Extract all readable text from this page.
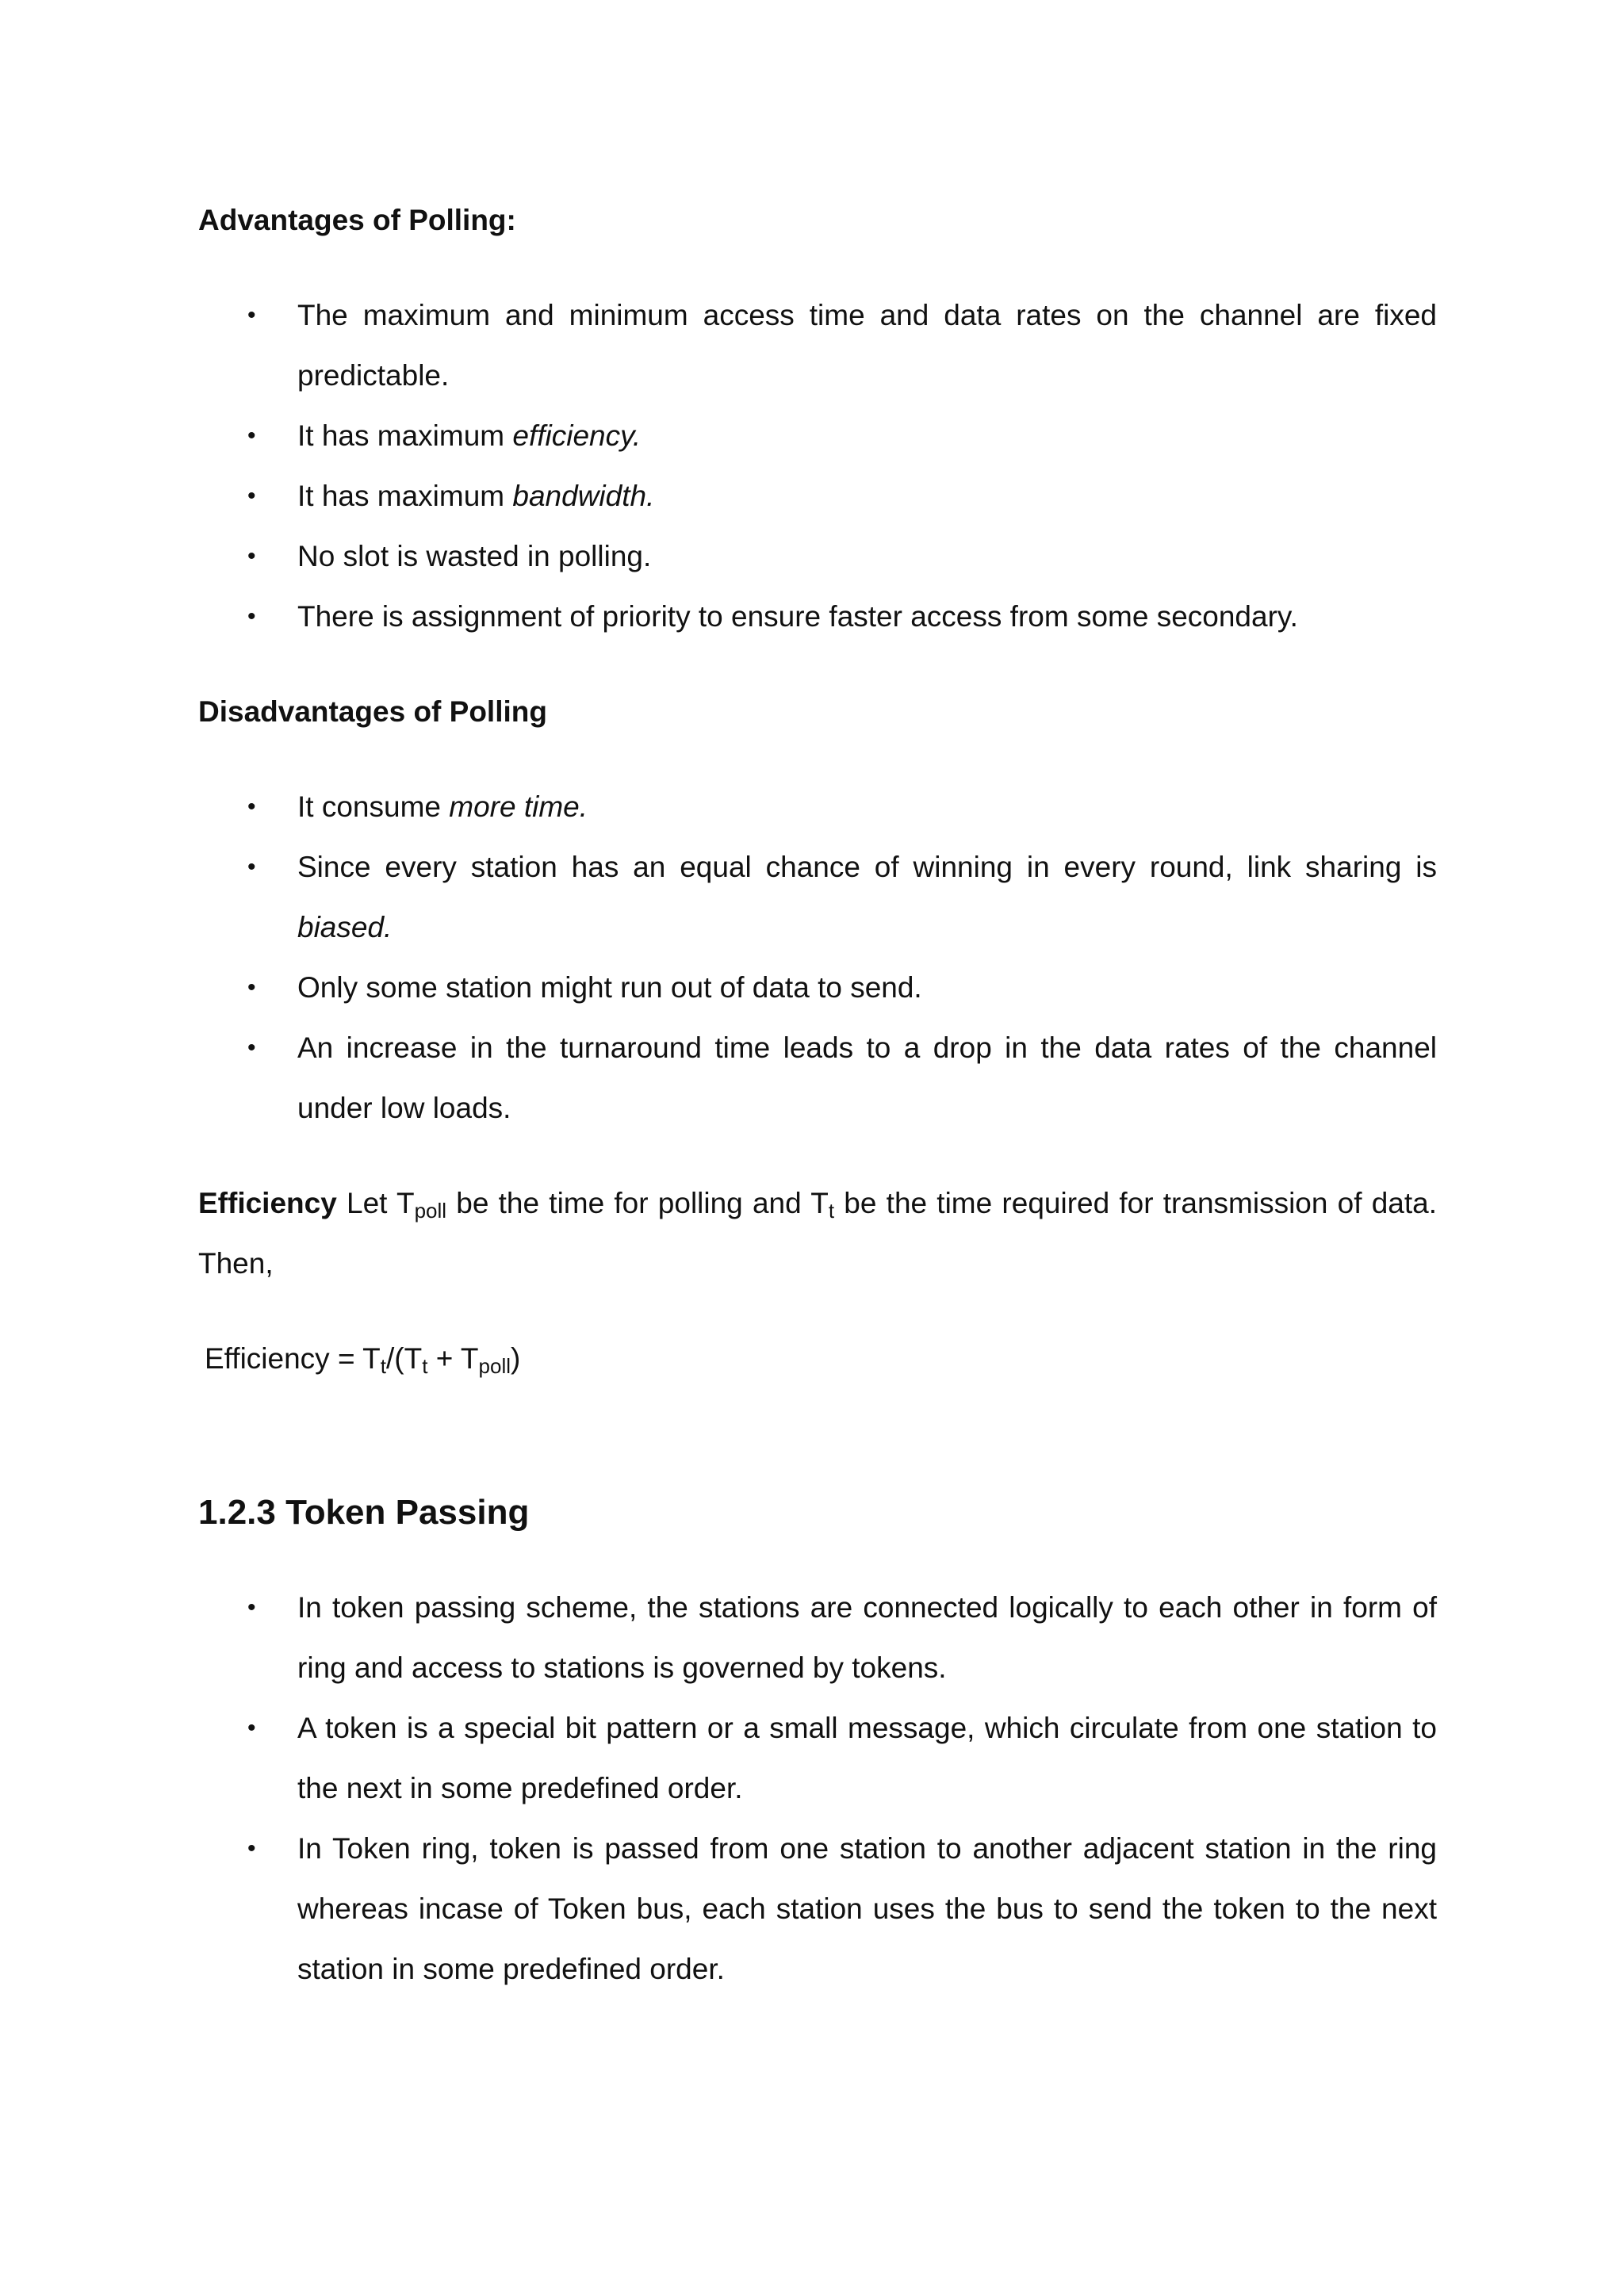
Advantages of Polling:
• The maximum and minimum access time and data rates on the channel are fixed predictable.
• It has maximum efficiency.
• It has maximum bandwidth.
• No slot is wasted in polling.
• There is assignment of priority to ensure faster access from some secondary.
Disadvantages of Polling
• It consume more time.
• Since every station has an equal chance of winning in every round, link sharing is biased.
• Only some station might run out of data to send.
• An increase in the turnaround time leads to a drop in the data rates of the channel under low loads.

Efficiency Let $T_{poll}$ be the time for polling and $T_t$ be the time required for transmission of data. Then,

Efficiency = $T_t/(T_t + T_{poll})$

1.2.3 Token Passing
• In token passing scheme, the stations are connected logically to each other in form of ring and access to stations is governed by tokens.
• A token is a special bit pattern or a small message, which circulate from one station to the next in some predefined order.
• In Token ring, token is passed from one station to another adjacent station in the ring whereas incase of Token bus, each station uses the bus to send the token to the next station in some predefined order.
